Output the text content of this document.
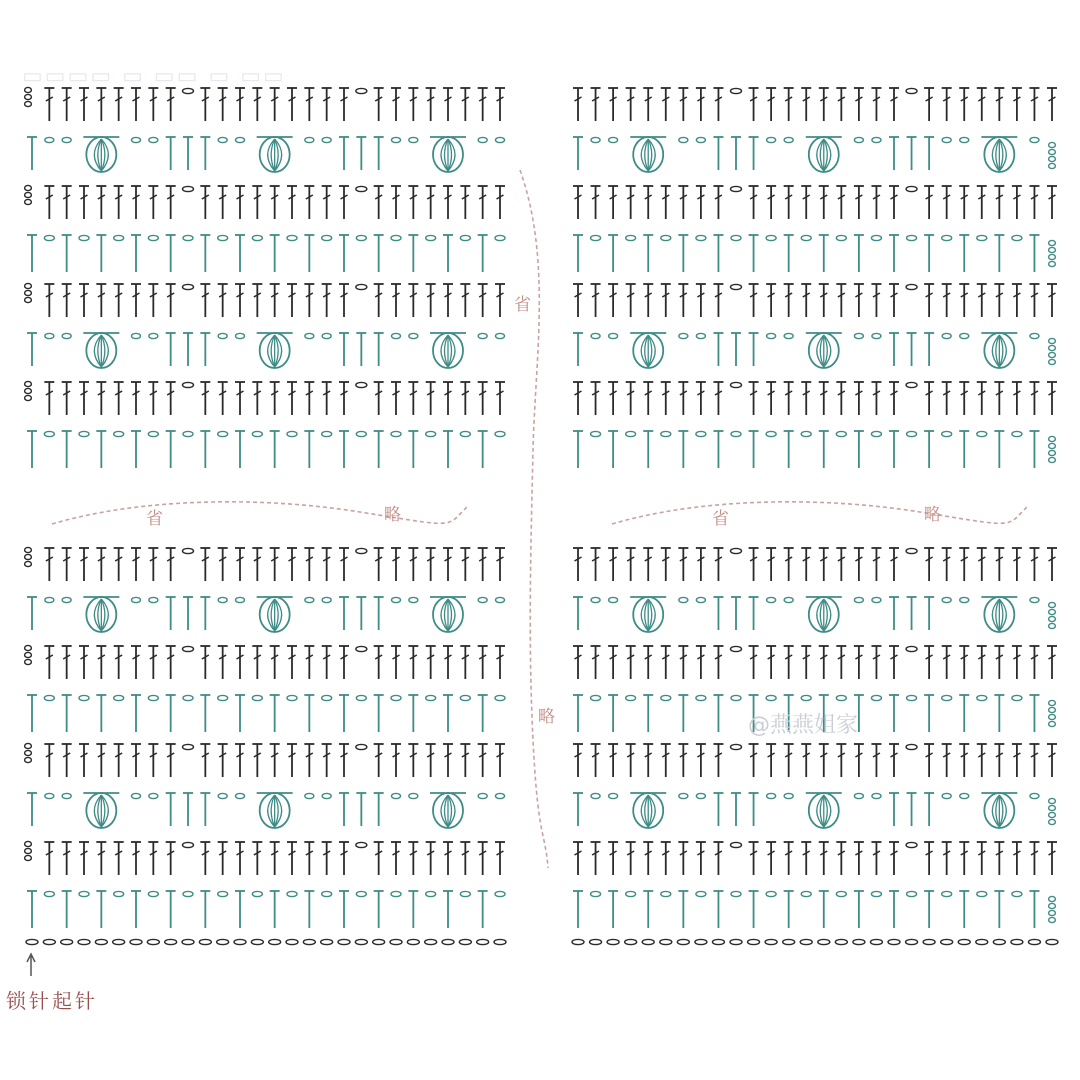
省
略
省	略	省	略
▭▭▭▭ ▭ ▭▭ ▭ ▭▭
@燕燕姐家
锁针起针
